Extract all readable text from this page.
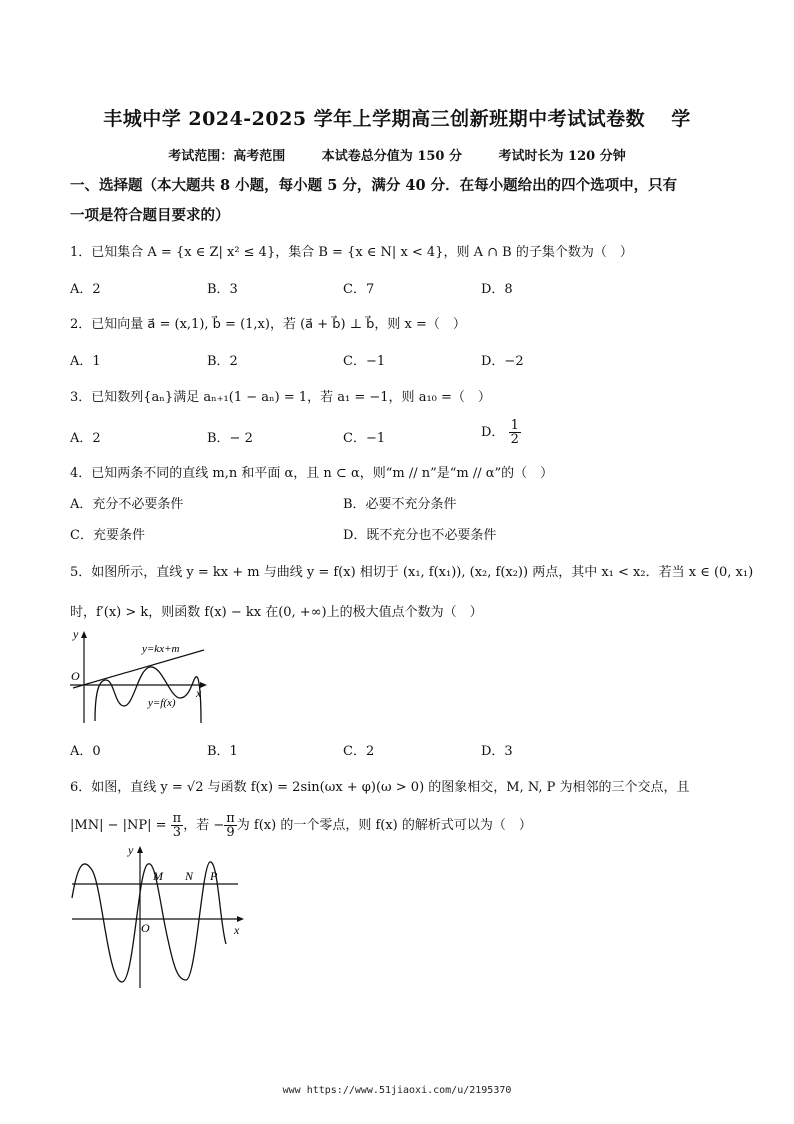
丰城中学 2024-2025 学年上学期高三创新班期中考试试卷数 学
考试范围：高考范围	本试卷总分值为 150 分	考试时长为 120 分钟
一、选择题（本大题共 8 小题，每小题 5 分，满分 40 分．在每小题给出的四个选项中，只有
一项是符合题目要求的）
1．已知集合 A = {x ∈ Z| x² ≤ 4}，集合 B = {x ∈ N| x < 4}，则 A ∩ B 的子集个数为（　）
A．2	B．3	C．7	D．8
2．已知向量 a⃗ = (x,1), b⃗ = (1,x)，若 (a⃗ + b⃗) ⊥ b⃗，则 x =（　）
A．1	B．2	C．−1	D．−2
3．已知数列{aₙ}满足 aₙ₊₁(1 − aₙ) = 1，若 a₁ = −1，则 a₁₀ =（　）
A．2	B．− 2	C．−1	D． $\frac{1}{2}$
4．已知两条不同的直线 m,n 和平面 α，且 n ⊂ α，则“m // n”是“m // α”的（　）
A．充分不必要条件	B．必要不充分条件
C．充要条件	D．既不充分也不必要条件
5．如图所示，直线 y = kx + m 与曲线 y = f(x) 相切于 (x₁, f(x₁)), (x₂, f(x₂)) 两点，其中 x₁ < x₂．若当 x ∈ (0, x₁)
时，f′(x) > k，则函数 f(x) − kx 在(0, +∞)上的极大值点个数为（　）
y
O
x
y=kx+m
y=f(x)
A．0	B．1	C．2	D．3
6．如图，直线 y = √2 与函数 f(x) = 2sin(ωx + φ)(ω > 0) 的图象相交，M, N, P 为相邻的三个交点，且
$|MN| - |NP| = \frac{\pi}{3}$ ，若 − $\frac{\pi}{9}$ 为 f(x) 的一个零点，则 f(x) 的解析式可以为（　）
y
O	x
M N P
www https://www.51jiaoxi.com/u/2195370
